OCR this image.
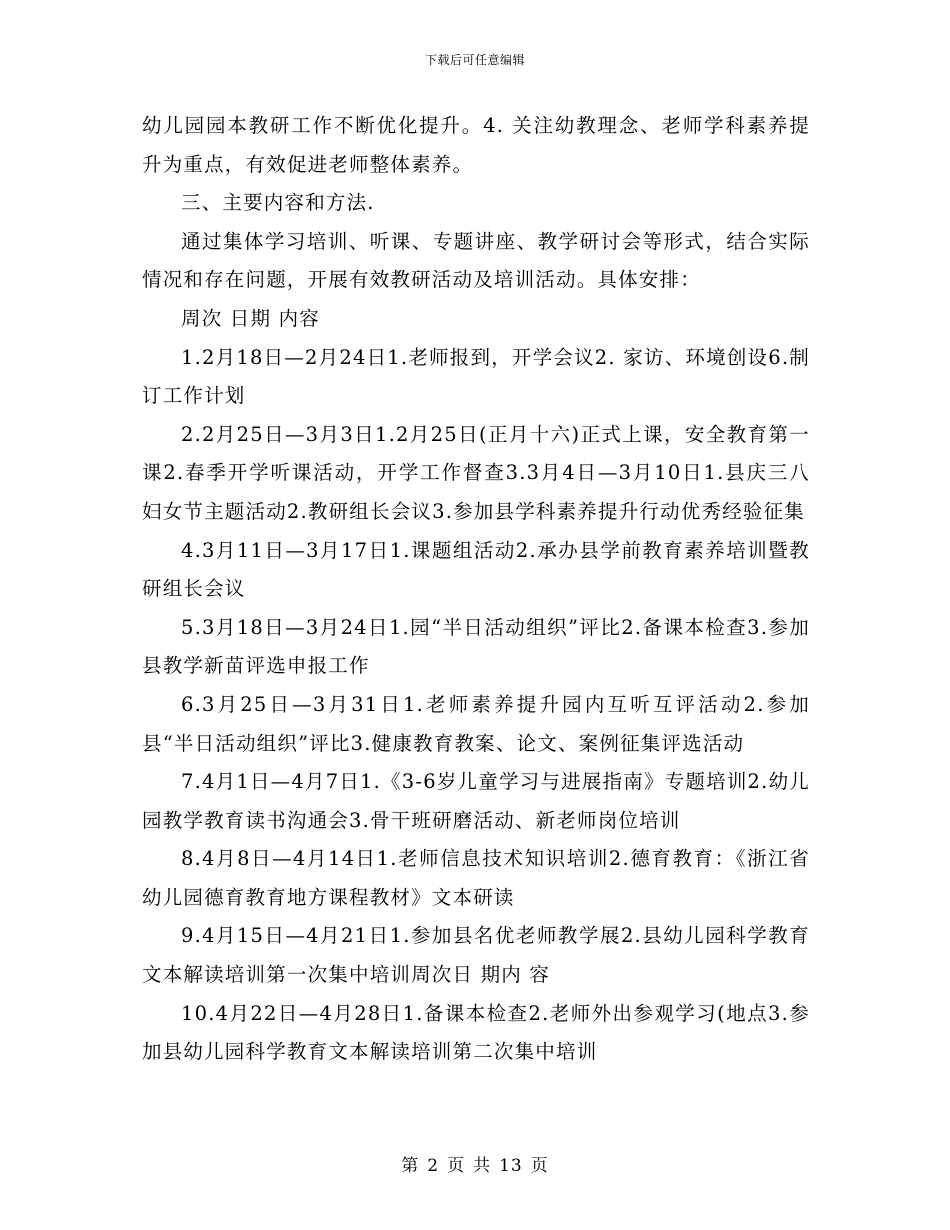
下载后可任意编辑

幼儿园园本教研工作不断优化提升。4. 关注幼教理念、老师学科素养提升为重点，有效促进老师整体素养。

三、主要内容和方法.

通过集体学习培训、听课、专题讲座、教学研讨会等形式，结合实际情况和存在问题，开展有效教研活动及培训活动。具体安排：

周次 日期 内容

1.2月18日—2月24日1.老师报到，开学会议2. 家访、环境创设6.制订工作计划

2.2月25日—3月3日1.2月25日(正月十六)正式上课，安全教育第一课2.春季开学听课活动，开学工作督查3.3月4日—3月10日1.县庆三八妇女节主题活动2.教研组长会议3.参加县学科素养提升行动优秀经验征集

4.3月11日—3月17日1.课题组活动2.承办县学前教育素养培训暨教研组长会议

5.3月18日—3月24日1.园“半日活动组织”评比2.备课本检查3.参加县教学新苗评选申报工作

6.3月25日—3月31日1.老师素养提升园内互听互评活动2.参加县“半日活动组织”评比3.健康教育教案、论文、案例征集评选活动

7.4月1日—4月7日1.《3-6岁儿童学习与进展指南》专题培训2.幼儿园教学教育读书沟通会3.骨干班研磨活动、新老师岗位培训

8.4月8日—4月14日1.老师信息技术知识培训2.德育教育：《浙江省幼儿园德育教育地方课程教材》文本研读

9.4月15日—4月21日1.参加县名优老师教学展2.县幼儿园科学教育文本解读培训第一次集中培训周次日 期内 容

10.4月22日—4月28日1.备课本检查2.老师外出参观学习(地点3.参加县幼儿园科学教育文本解读培训第二次集中培训

第 2 页 共 13 页
